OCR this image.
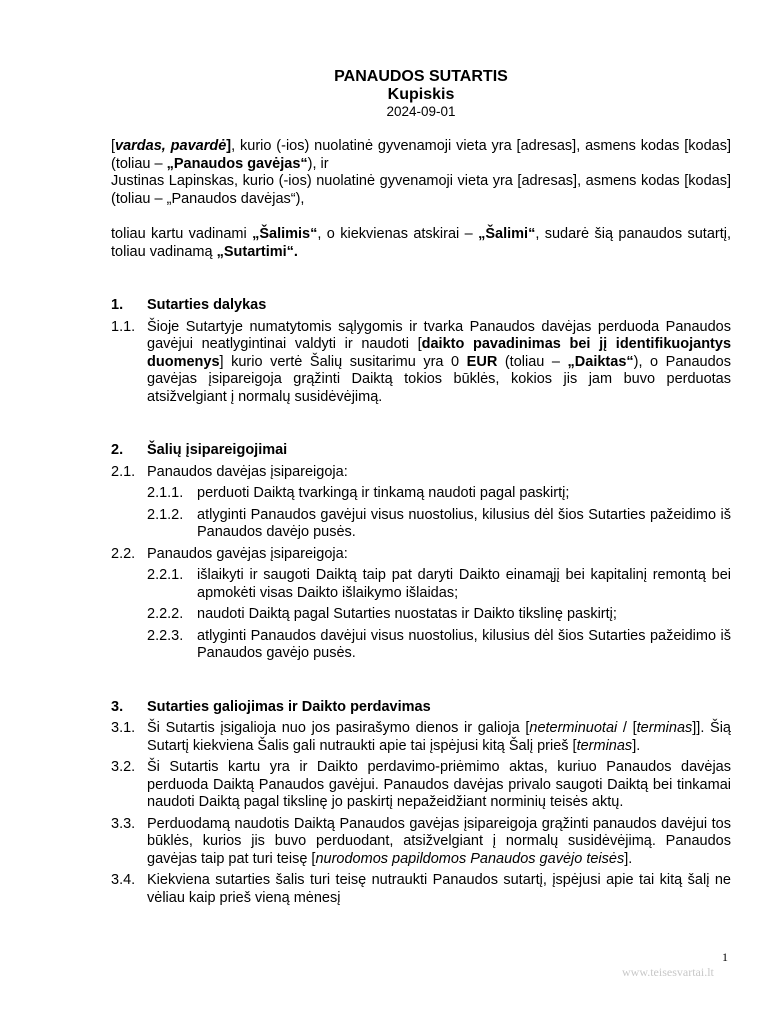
PANAUDOS SUTARTIS
Kupiskis
2024-09-01

[vardas, pavardė], kurio (-ios) nuolatinė gyvenamoji vieta yra [adresas], asmens kodas [kodas] (toliau – „Panaudos gavėjas“), ir

Justinas Lapinskas, kurio (-ios) nuolatinė gyvenamoji vieta yra [adresas], asmens kodas [kodas] (toliau – „Panaudos davėjas“),

toliau kartu vadinami „Šalimis“, o kiekvienas atskirai – „Šalimi“, sudarė šią panaudos sutartį, toliau vadinamą „Sutartimi“.

1.	Sutarties dalykas
1.1. Šioje Sutartyje numatytomis sąlygomis ir tvarka Panaudos davėjas perduoda Panaudos gavėjui neatlygintinai valdyti ir naudoti [daikto pavadinimas bei jį identifikuojantys duomenys] kurio vertė Šalių susitarimu yra 0 EUR (toliau – „Daiktas“), o Panaudos gavėjas įsipareigoja grąžinti Daiktą tokios būklės, kokios jis jam buvo perduotas atsižvelgiant į normalų susidėvėjimą.
2.	Šalių įsipareigojimai
2.1. Panaudos davėjas įsipareigoja:
2.1.1. perduoti Daiktą tvarkingą ir tinkamą naudoti pagal paskirtį;
2.1.2. atlyginti Panaudos gavėjui visus nuostolius, kilusius dėl šios Sutarties pažeidimo iš Panaudos davėjo pusės.
2.2. Panaudos gavėjas įsipareigoja:
2.2.1. išlaikyti ir saugoti Daiktą taip pat daryti Daikto einamąjį bei kapitalinį remontą bei apmokėti visas Daikto išlaikymo išlaidas;
2.2.2. naudoti Daiktą pagal Sutarties nuostatas ir Daikto tikslinę paskirtį;
2.2.3. atlyginti Panaudos davėjui visus nuostolius, kilusius dėl šios Sutarties pažeidimo iš Panaudos gavėjo pusės.
3.	Sutarties galiojimas ir Daikto perdavimas
3.1. Ši Sutartis įsigalioja nuo jos pasirašymo dienos ir galioja [neterminuotai / [terminas]]. Šią Sutartį kiekviena Šalis gali nutraukti apie tai įspėjusi kitą Šalį prieš [terminas].
3.2. Ši Sutartis kartu yra ir Daikto perdavimo-priėmimo aktas, kuriuo Panaudos davėjas perduoda Daiktą Panaudos gavėjui. Panaudos davėjas privalo saugoti Daiktą bei tinkamai naudoti Daiktą pagal tikslinę jo paskirtį nepažeidžiant norminių teisės aktų.
3.3. Perduodamą naudotis Daiktą Panaudos gavėjas įsipareigoja grąžinti panaudos davėjui tos būklės, kurios jis buvo perduodant, atsižvelgiant į normalų susidėvėjimą. Panaudos gavėjas taip pat turi teisę [nurodomos papildomos Panaudos gavėjo teisės].
3.4. Kiekviena sutarties šalis turi teisę nutraukti Panaudos sutartį, įspėjusi apie tai kitą šalį ne vėliau kaip prieš vieną mėnesį
1
www.teisesvartai.lt
